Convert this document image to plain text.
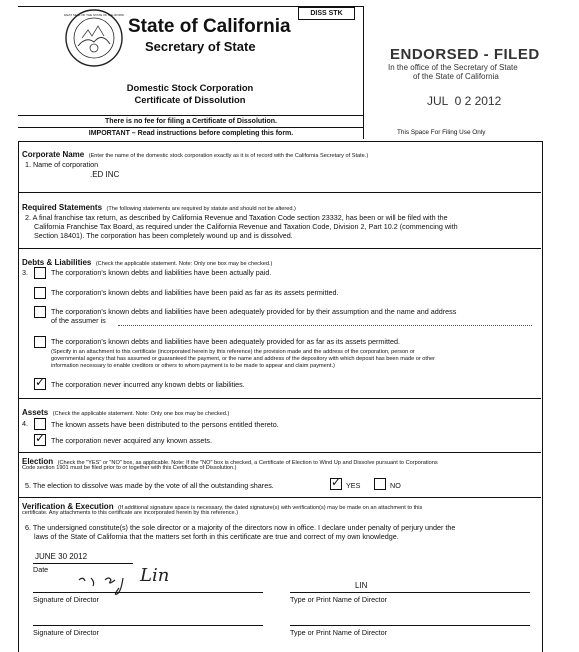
GREAT SEAL OF THE STATE OF CALIFORNIA
State of California
Secretary of State
DISS STK
Domestic Stock Corporation
Certificate of Dissolution
There is no fee for filing a Certificate of Dissolution.
IMPORTANT – Read instructions before completing this form.
ENDORSED - FILED
In the office of the Secretary of State
of the State of California
JUL  0 2 2012
This Space For Filing Use Only
Corporate Name (Enter the name of the domestic stock corporation exactly as it is of record with the California Secretary of State.)
1. Name of corporation
.ED INC
Required Statements (The following statements are required by statute and should not be altered.)
2. A final franchise tax return, as described by California Revenue and Taxation Code section 23332, has been or will be filed with the
California Franchise Tax Board, as required under the California Revenue and Taxation Code, Division 2, Part 10.2 (commencing with
Section 18401). The corporation has been completely wound up and is dissolved.
Debts & Liabilities (Check the applicable statement. Note: Only one box may be checked.)
3.	The corporation's known debts and liabilities have been actually paid.
The corporation's known debts and liabilities have been paid as far as its assets permitted.
The corporation's known debts and liabilities have been adequately provided for by their assumption and the name and address
of the assumer is
The corporation's known debts and liabilities have been adequately provided for as far as its assets permitted.
(Specify in an attachment to this certificate (incorporated herein by this reference) the provision made and the address of the corporation, person or
governmental agency that has assumed or guaranteed the payment, or the name and address of the depository with which deposit has been made or other
information necessary to enable creditors or others to whom payment is to be made to appear and claim payment.)
✓ The corporation never incurred any known debts or liabilities.
Assets (Check the applicable statement. Note: Only one box may be checked.)
4.	The known assets have been distributed to the persons entitled thereto.
✓ The corporation never acquired any known assets.
Election (Check the "YES" or "NO" box, as applicable. Note: If the "NO" box is checked, a Certificate of Election to Wind Up and Dissolve pursuant to Corporations
Code section 1901 must be filed prior to or together with this Certificate of Dissolution.)
5. The election to dissolve was made by the vote of all the outstanding shares.	✓ YES	NO
Verification & Execution (If additional signature space is necessary, the dated signature(s) with verification(s) may be made on an attachment to this
certificate. Any attachments to this certificate are incorporated herein by this reference.)
6. The undersigned constitute(s) the sole director or a majority of the directors now in office. I declare under penalty of perjury under the
laws of the State of California that the matters set forth in this certificate are true and correct of my own knowledge.
JUNE 30 2012
Date	Lin
Signature of Director
LIN
Type or Print Name of Director
Signature of Director	Type or Print Name of Director
